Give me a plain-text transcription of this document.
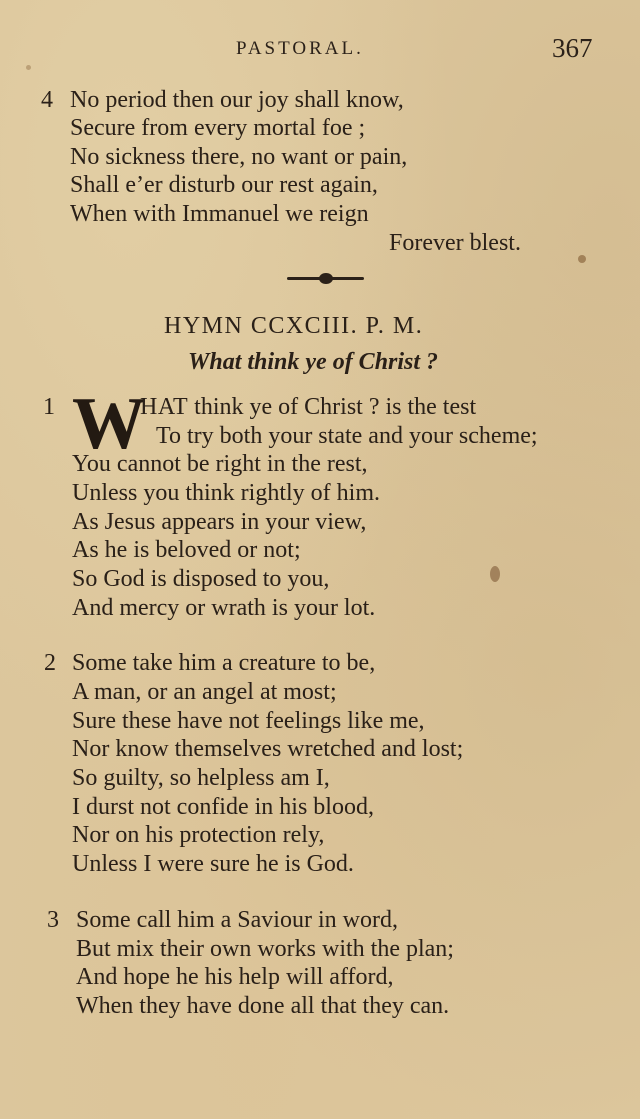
PASTORAL.	367
4 No period then our joy shall know,
Secure from every mortal foe ;
No sickness there, no want or pain,
Shall e’er disturb our rest again,
When with Immanuel we reign
Forever blest.
HYMN CCXCIII. P. M.
What think ye of Christ ?
1 W
HAT think ye of Christ ? is the test
To try both your state and your scheme;
You cannot be right in the rest,
Unless you think rightly of him.
As Jesus appears in your view,
As he is beloved or not;
So God is disposed to you,
And mercy or wrath is your lot.
2 Some take him a creature to be,
A man, or an angel at most;
Sure these have not feelings like me,
Nor know themselves wretched and lost;
So guilty, so helpless am I,
I durst not confide in his blood,
Nor on his protection rely,
Unless I were sure he is God.
3 Some call him a Saviour in word,
But mix their own works with the plan;
And hope he his help will afford,
When they have done all that they can.
